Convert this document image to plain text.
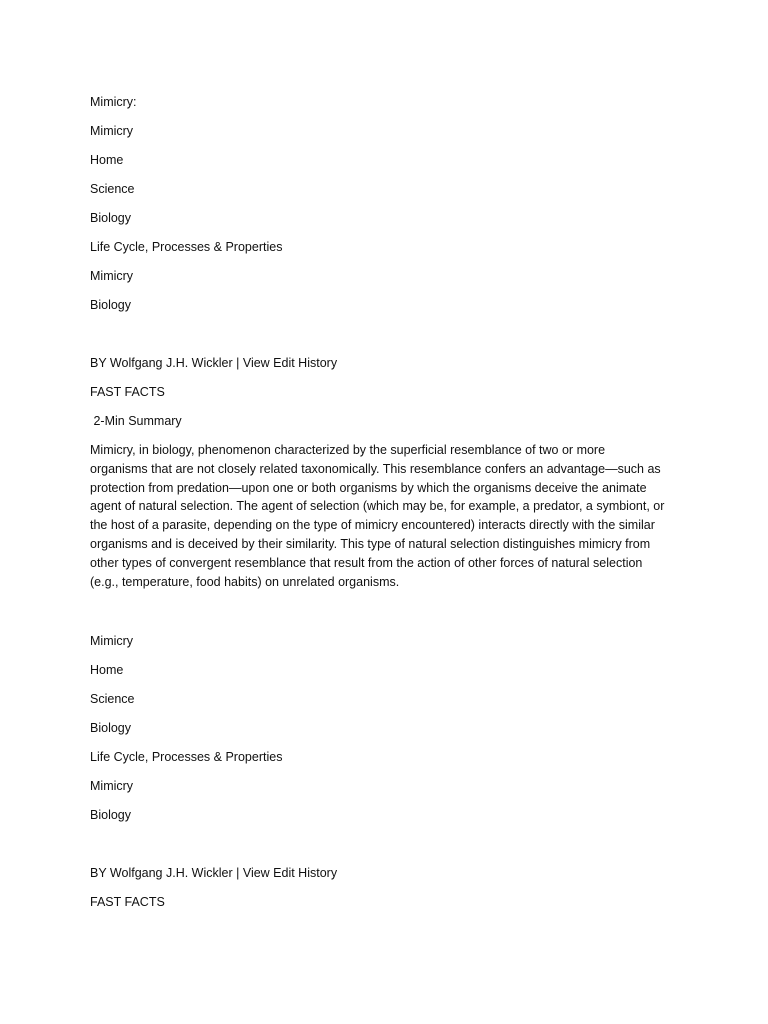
Mimicry:
Mimicry
Home
Science
Biology
Life Cycle, Processes & Properties
Mimicry
Biology
BY Wolfgang J.H. Wickler | View Edit History
FAST FACTS
2-Min Summary
Mimicry, in biology, phenomenon characterized by the superficial resemblance of two or more
organisms that are not closely related taxonomically. This resemblance confers an advantage—such as
protection from predation—upon one or both organisms by which the organisms deceive the animate
agent of natural selection. The agent of selection (which may be, for example, a predator, a symbiont, or
the host of a parasite, depending on the type of mimicry encountered) interacts directly with the similar
organisms and is deceived by their similarity. This type of natural selection distinguishes mimicry from
other types of convergent resemblance that result from the action of other forces of natural selection
(e.g., temperature, food habits) on unrelated organisms.
Mimicry
Home
Science
Biology
Life Cycle, Processes & Properties
Mimicry
Biology
BY Wolfgang J.H. Wickler | View Edit History
FAST FACTS
